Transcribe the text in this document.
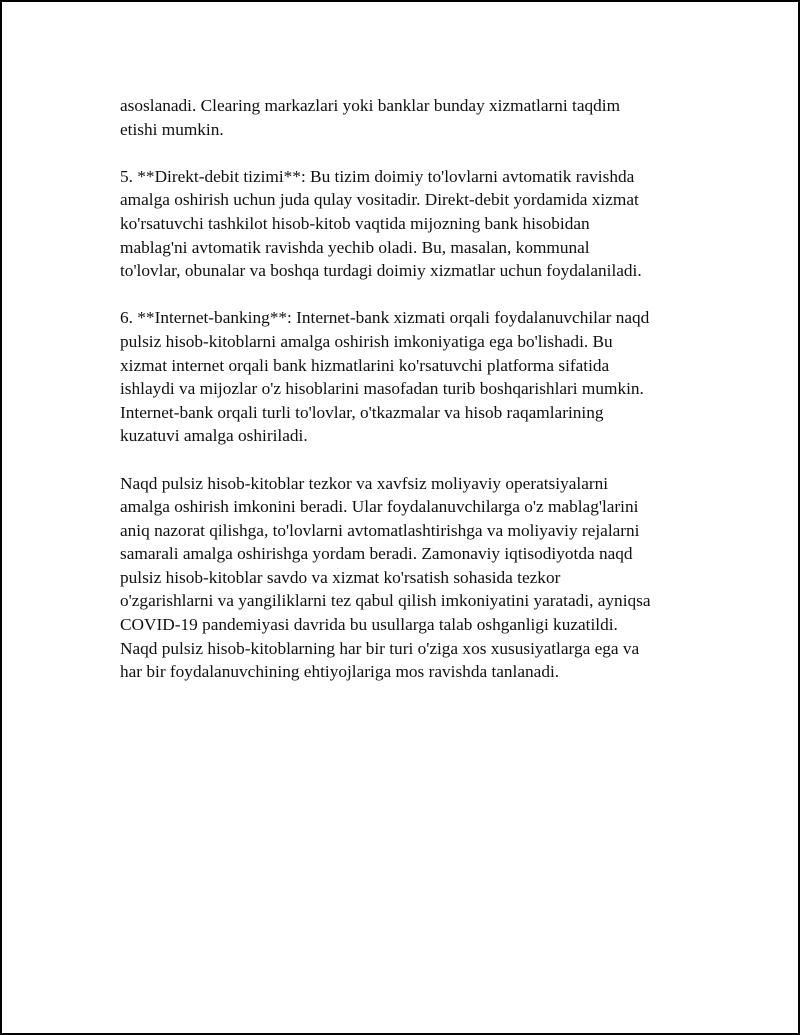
asoslanadi. Clearing markazlari yoki banklar bunday xizmatlarni taqdim
etishi mumkin.

5. **Direkt-debit tizimi**: Bu tizim doimiy to'lovlarni avtomatik ravishda
amalga oshirish uchun juda qulay vositadir. Direkt-debit yordamida xizmat
ko'rsatuvchi tashkilot hisob-kitob vaqtida mijozning bank hisobidan
mablag'ni avtomatik ravishda yechib oladi. Bu, masalan, kommunal
to'lovlar, obunalar va boshqa turdagi doimiy xizmatlar uchun foydalaniladi.

6. **Internet-banking**: Internet-bank xizmati orqali foydalanuvchilar naqd
pulsiz hisob-kitoblarni amalga oshirish imkoniyatiga ega bo'lishadi. Bu
xizmat internet orqali bank hizmatlarini ko'rsatuvchi platforma sifatida
ishlaydi va mijozlar o'z hisoblarini masofadan turib boshqarishlari mumkin.
Internet-bank orqali turli to'lovlar, o'tkazmalar va hisob raqamlarining
kuzatuvi amalga oshiriladi.

Naqd pulsiz hisob-kitoblar tezkor va xavfsiz moliyaviy operatsiyalarni
amalga oshirish imkonini beradi. Ular foydalanuvchilarga o'z mablag'larini
aniq nazorat qilishga, to'lovlarni avtomatlashtirishga va moliyaviy rejalarni
samarali amalga oshirishga yordam beradi. Zamonaviy iqtisodiyotda naqd
pulsiz hisob-kitoblar savdo va xizmat ko'rsatish sohasida tezkor
o'zgarishlarni va yangiliklarni tez qabul qilish imkoniyatini yaratadi, ayniqsa
COVID-19 pandemiyasi davrida bu usullarga talab oshganligi kuzatildi.
Naqd pulsiz hisob-kitoblarning har bir turi o'ziga xos xususiyatlarga ega va
har bir foydalanuvchining ehtiyojlariga mos ravishda tanlanadi.
